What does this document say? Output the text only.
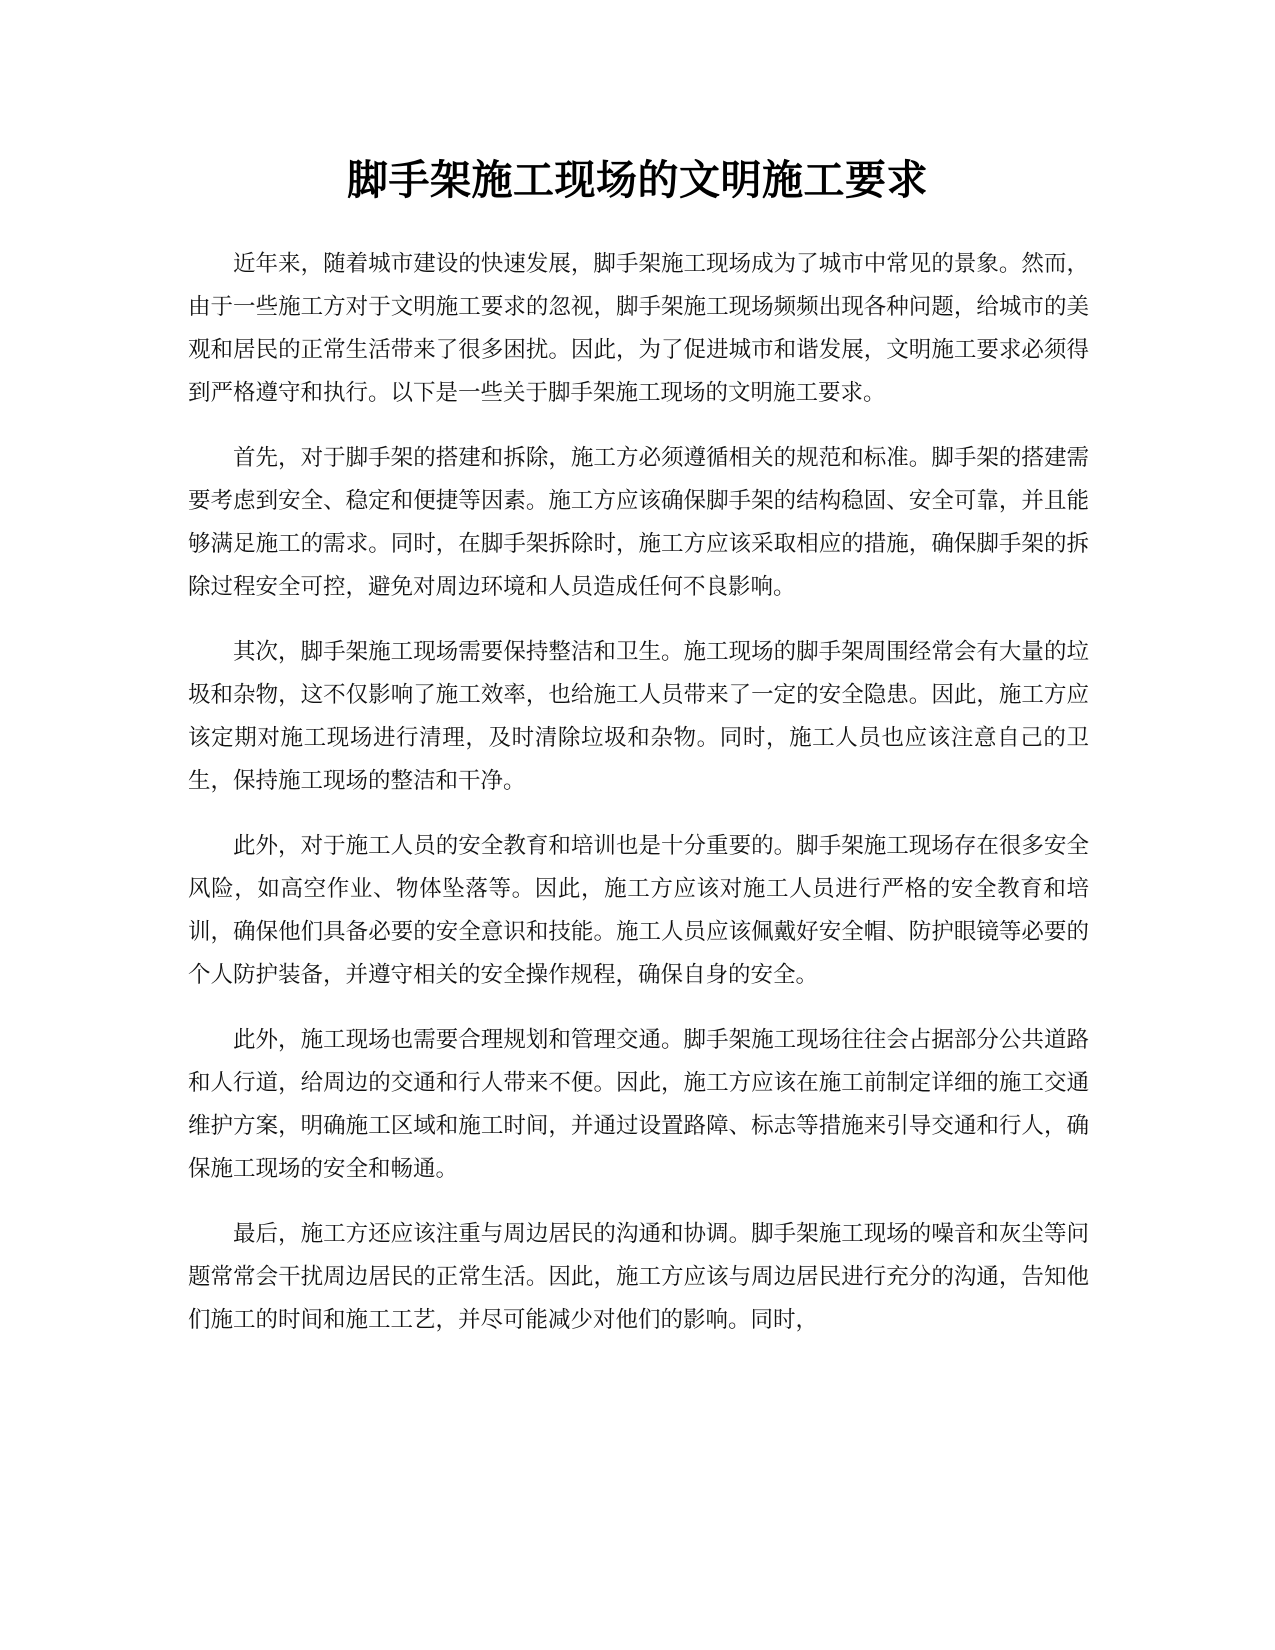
脚手架施工现场的文明施工要求

近年来，随着城市建设的快速发展，脚手架施工现场成为了城市中常见的景象。然而，由于一些施工方对于文明施工要求的忽视，脚手架施工现场频频出现各种问题，给城市的美观和居民的正常生活带来了很多困扰。因此，为了促进城市和谐发展，文明施工要求必须得到严格遵守和执行。以下是一些关于脚手架施工现场的文明施工要求。

首先，对于脚手架的搭建和拆除，施工方必须遵循相关的规范和标准。脚手架的搭建需要考虑到安全、稳定和便捷等因素。施工方应该确保脚手架的结构稳固、安全可靠，并且能够满足施工的需求。同时，在脚手架拆除时，施工方应该采取相应的措施，确保脚手架的拆除过程安全可控，避免对周边环境和人员造成任何不良影响。

其次，脚手架施工现场需要保持整洁和卫生。施工现场的脚手架周围经常会有大量的垃圾和杂物，这不仅影响了施工效率，也给施工人员带来了一定的安全隐患。因此，施工方应该定期对施工现场进行清理，及时清除垃圾和杂物。同时，施工人员也应该注意自己的卫生，保持施工现场的整洁和干净。

此外，对于施工人员的安全教育和培训也是十分重要的。脚手架施工现场存在很多安全风险，如高空作业、物体坠落等。因此，施工方应该对施工人员进行严格的安全教育和培训，确保他们具备必要的安全意识和技能。施工人员应该佩戴好安全帽、防护眼镜等必要的个人防护装备，并遵守相关的安全操作规程，确保自身的安全。

此外，施工现场也需要合理规划和管理交通。脚手架施工现场往往会占据部分公共道路和人行道，给周边的交通和行人带来不便。因此，施工方应该在施工前制定详细的施工交通维护方案，明确施工区域和施工时间，并通过设置路障、标志等措施来引导交通和行人，确保施工现场的安全和畅通。

最后，施工方还应该注重与周边居民的沟通和协调。脚手架施工现场的噪音和灰尘等问题常常会干扰周边居民的正常生活。因此，施工方应该与周边居民进行充分的沟通，告知他们施工的时间和施工工艺，并尽可能减少对他们的影响。同时，
